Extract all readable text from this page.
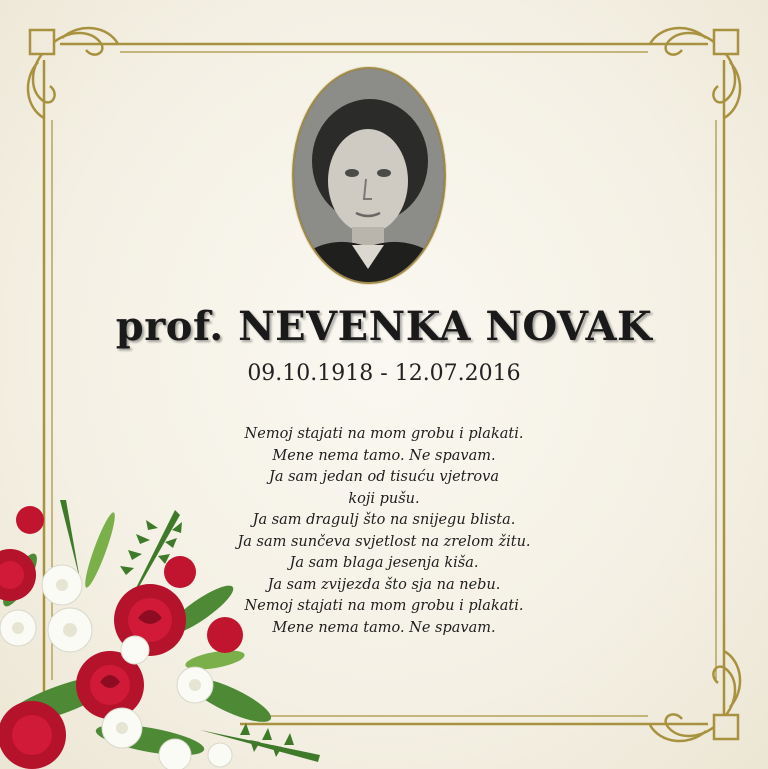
prof. NEVENKA NOVAK
09.10.1918 - 12.07.2016
Nemoj stajati na mom grobu i plakati.
Mene nema tamo. Ne spavam.
Ja sam jedan od tisuću vjetrova koji pušu.
Ja sam dragulj što na snijegu blista.
Ja sam sunčeva svjetlost na zrelom žitu.
Ja sam blaga jesenja kiša.
Ja sam zvijezda što sja na nebu.
Nemoj stajati na mom grobu i plakati.
Mene nema tamo. Ne spavam.
